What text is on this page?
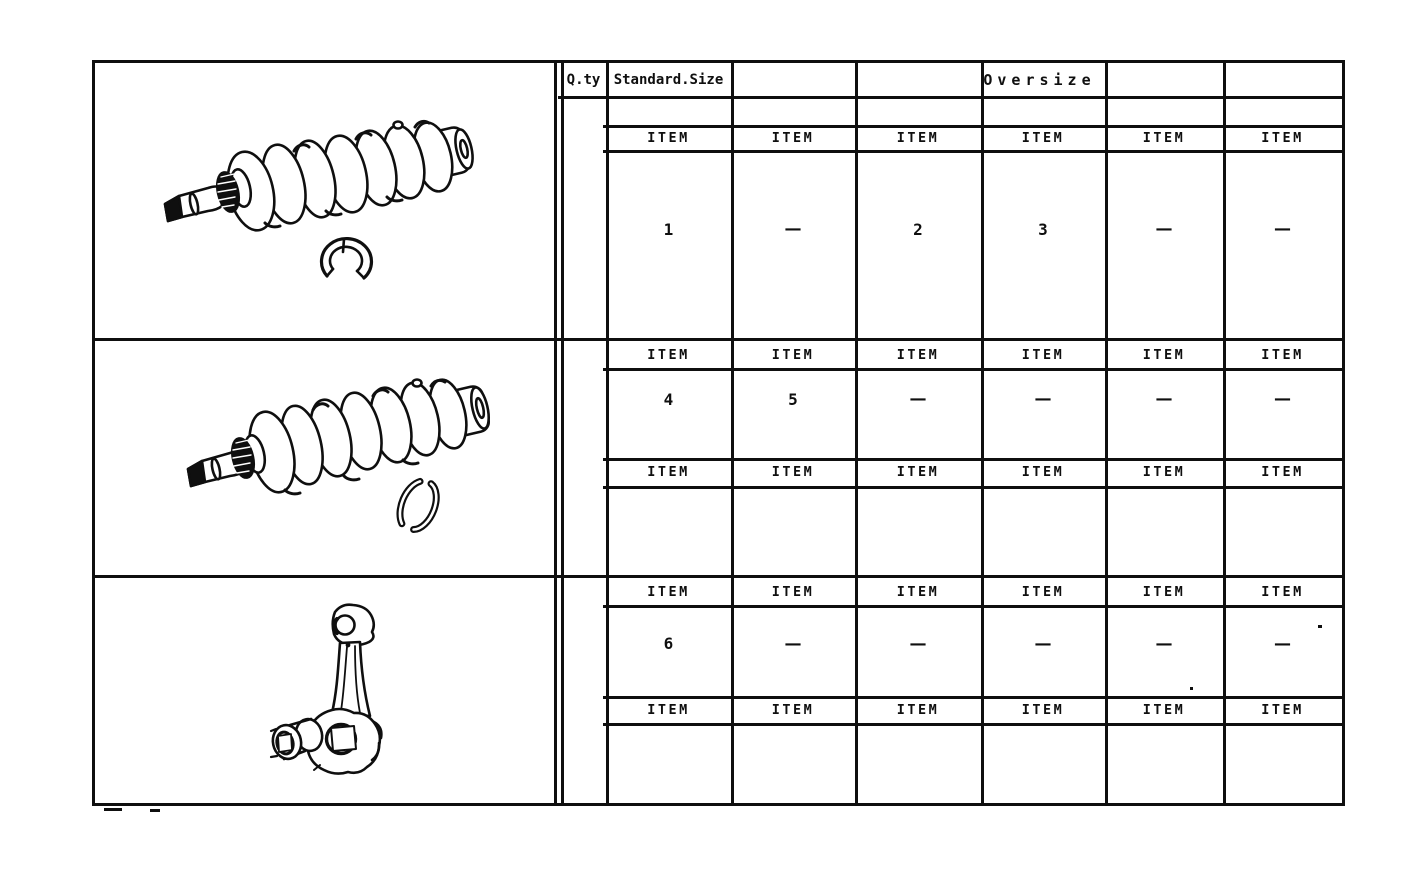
Q.ty Standard.Size	Oversize
ITEM	ITEM	ITEM	ITEM	ITEM	ITEM
1	—	2	3	—	—
ITEM	ITEM	ITEM	ITEM	ITEM	ITEM
4	5	—	—	—	—
ITEM	ITEM	ITEM	ITEM	ITEM	ITEM
ITEM	ITEM	ITEM	ITEM	ITEM	ITEM
6	—	—	—	—	—
ITEM	ITEM	ITEM	ITEM	ITEM	ITEM
